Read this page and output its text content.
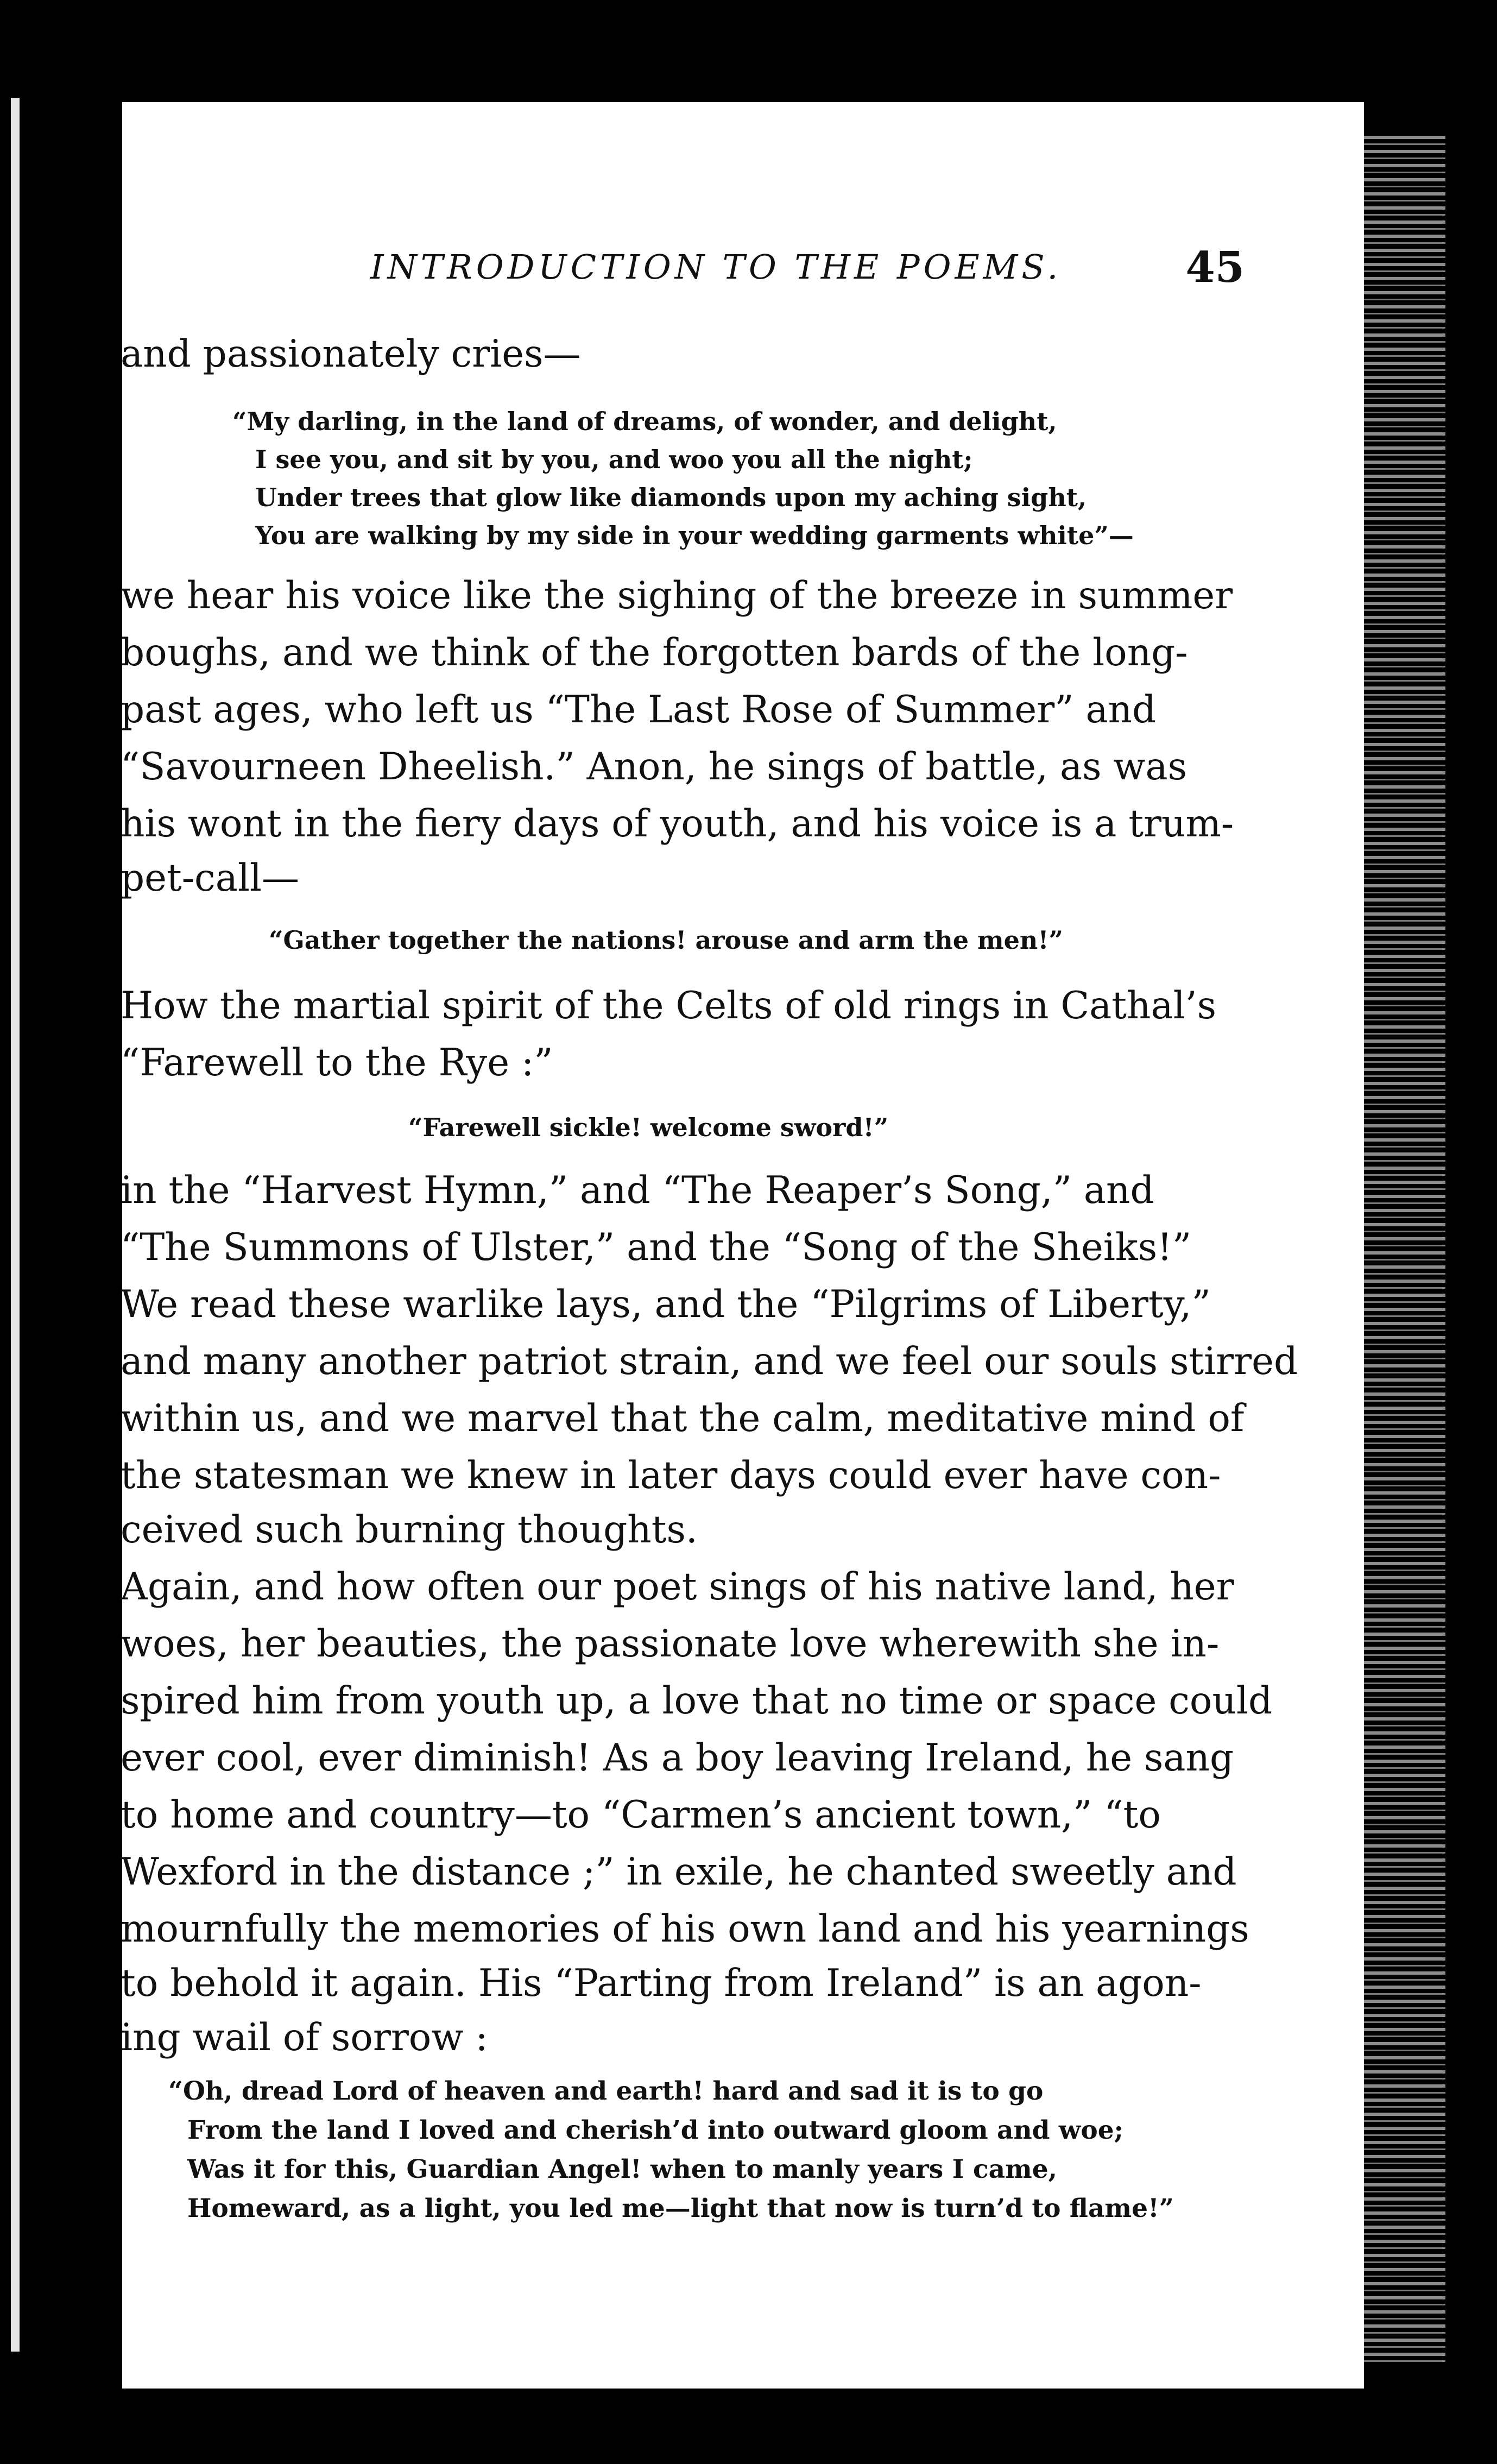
INTRODUCTION TO THE POEMS.	45
and passionately cries—
“My darling, in the land of dreams, of wonder, and delight,
I see you, and sit by you, and woo you all the night;
Under trees that glow like diamonds upon my aching sight,
You are walking by my side in your wedding garments white”—
we hear his voice like the sighing of the breeze in summer
boughs, and we think of the forgotten bards of the long-
past ages, who left us “The Last Rose of Summer” and
“Savourneen Dheelish.” Anon, he sings of battle, as was
his wont in the fiery days of youth, and his voice is a trum-
pet-call—
“Gather together the nations! arouse and arm the men!”
How the martial spirit of the Celts of old rings in Cathal’s
“Farewell to the Rye :”
“Farewell sickle! welcome sword!”
in the “Harvest Hymn,” and “The Reaper’s Song,” and
“The Summons of Ulster,” and the “Song of the Sheiks!”
We read these warlike lays, and the “Pilgrims of Liberty,”
and many another patriot strain, and we feel our souls stirred
within us, and we marvel that the calm, meditative mind of
the statesman we knew in later days could ever have con-
ceived such burning thoughts.
Again, and how often our poet sings of his native land, her
woes, her beauties, the passionate love wherewith she in-
spired him from youth up, a love that no time or space could
ever cool, ever diminish! As a boy leaving Ireland, he sang
to home and country—to “Carmen’s ancient town,” “to
Wexford in the distance ;” in exile, he chanted sweetly and
mournfully the memories of his own land and his yearnings
to behold it again. His “Parting from Ireland” is an agon-
ing wail of sorrow :
“Oh, dread Lord of heaven and earth! hard and sad it is to go
From the land I loved and cherish’d into outward gloom and woe;
Was it for this, Guardian Angel! when to manly years I came,
Homeward, as a light, you led me—light that now is turn’d to flame!”
